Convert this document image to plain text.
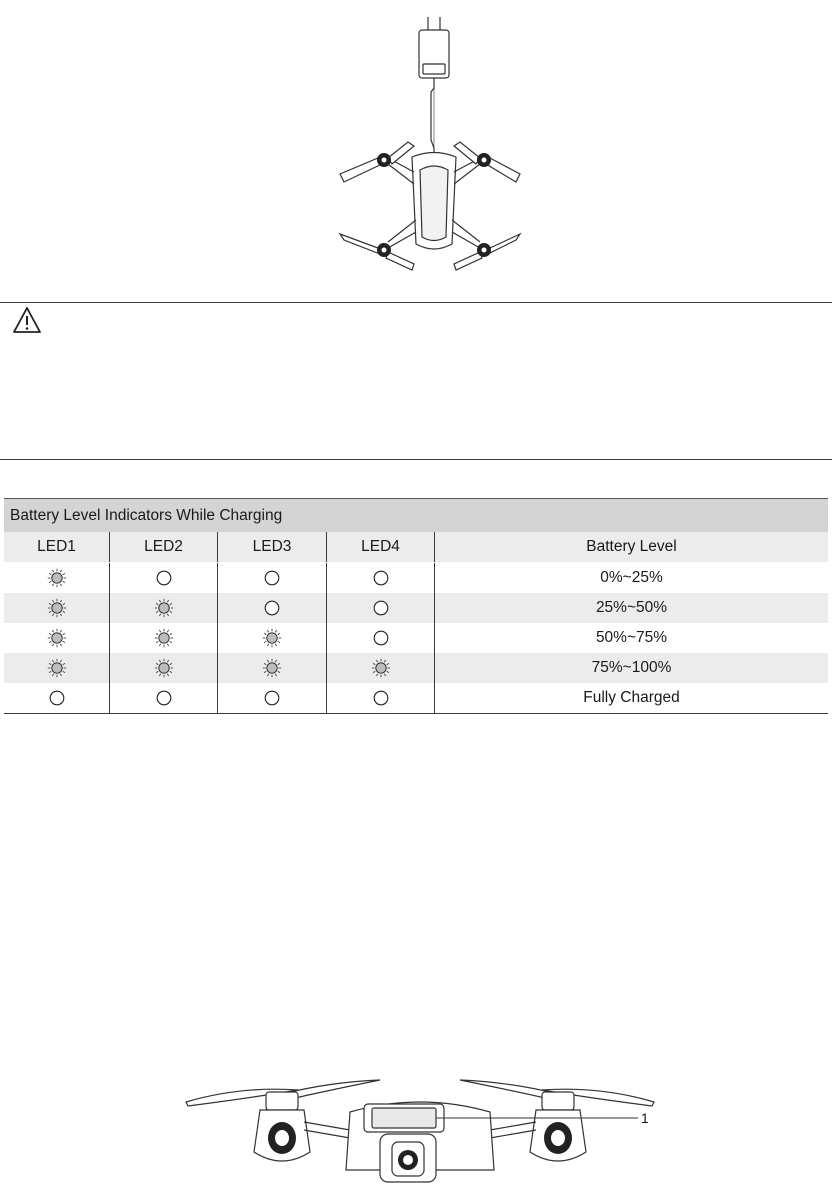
Battery Level Indicators While Charging				
LED1	LED2	LED3	LED4	Battery Level
				0%~25%
				25%~50%
				50%~75%
				75%~100%
				Fully Charged
1
